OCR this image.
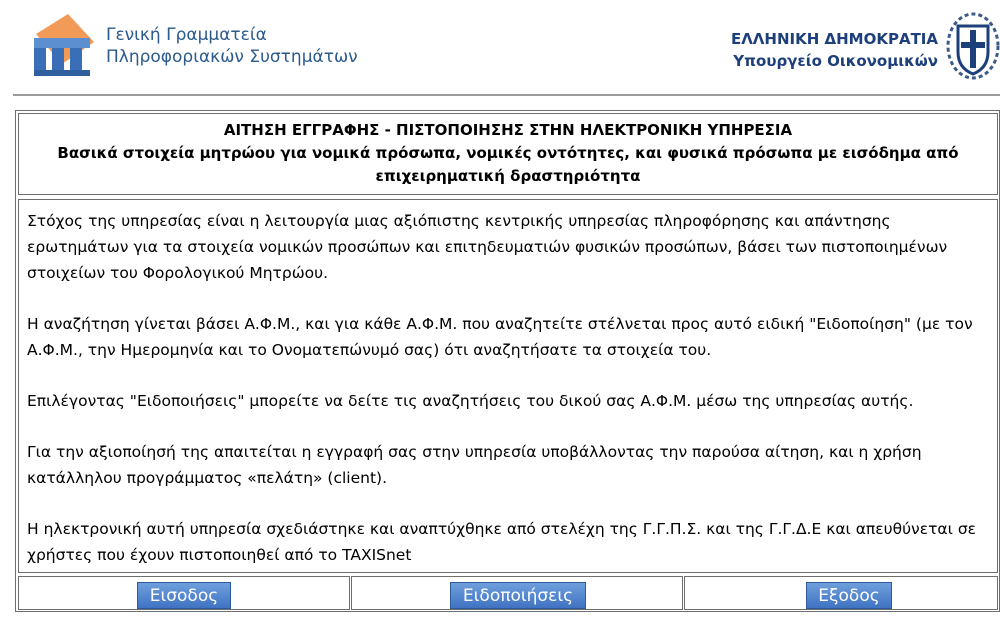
Γενική Γραμματεία
Πληροφοριακών Συστημάτων
ΕΛΛΗΝΙΚΗ ΔΗΜΟΚΡΑΤΙΑ
Υπουργείο Οικονομικών
ΑΙΤΗΣΗ ΕΓΓΡΑΦΗΣ - ΠΙΣΤΟΠΟΙΗΣΗΣ ΣΤΗΝ ΗΛΕΚΤΡΟΝΙΚΗ ΥΠΗΡΕΣΙΑ
Βασικά στοιχεία μητρώου για νομικά πρόσωπα, νομικές οντότητες, και φυσικά πρόσωπα με εισόδημα από
επιχειρηματική δραστηριότητα

Στόχος της υπηρεσίας είναι η λειτουργία μιας αξιόπιστης κεντρικής υπηρεσίας πληροφόρησης και απάντησης ερωτημάτων για τα στοιχεία νομικών προσώπων και επιτηδευματιών φυσικών προσώπων, βάσει των πιστοποιημένων στοιχείων του Φορολογικού Μητρώου.

Η αναζήτηση γίνεται βάσει Α.Φ.Μ., και για κάθε Α.Φ.Μ. που αναζητείτε στέλνεται προς αυτό ειδική "Ειδοποίηση" (με τον Α.Φ.Μ., την Ημερομηνία και το Ονοματεπώνυμό σας) ότι αναζητήσατε τα στοιχεία του.

Επιλέγοντας "Ειδοποιήσεις" μπορείτε να δείτε τις αναζητήσεις του δικού σας Α.Φ.Μ. μέσω της υπηρεσίας αυτής.

Για την αξιοποίησή της απαιτείται η εγγραφή σας στην υπηρεσία υποβάλλοντας την παρούσα αίτηση, και η χρήση κατάλληλου προγράμματος «πελάτη» (client).

Η ηλεκτρονική αυτή υπηρεσία σχεδιάστηκε και αναπτύχθηκε από στελέχη της Γ.Γ.Π.Σ. και της Γ.Γ.Δ.Ε και απευθύνεται σε χρήστες που έχουν πιστοποιηθεί από το TAXISnet

Εισοδος	Ειδοποιήσεις	Εξοδος
